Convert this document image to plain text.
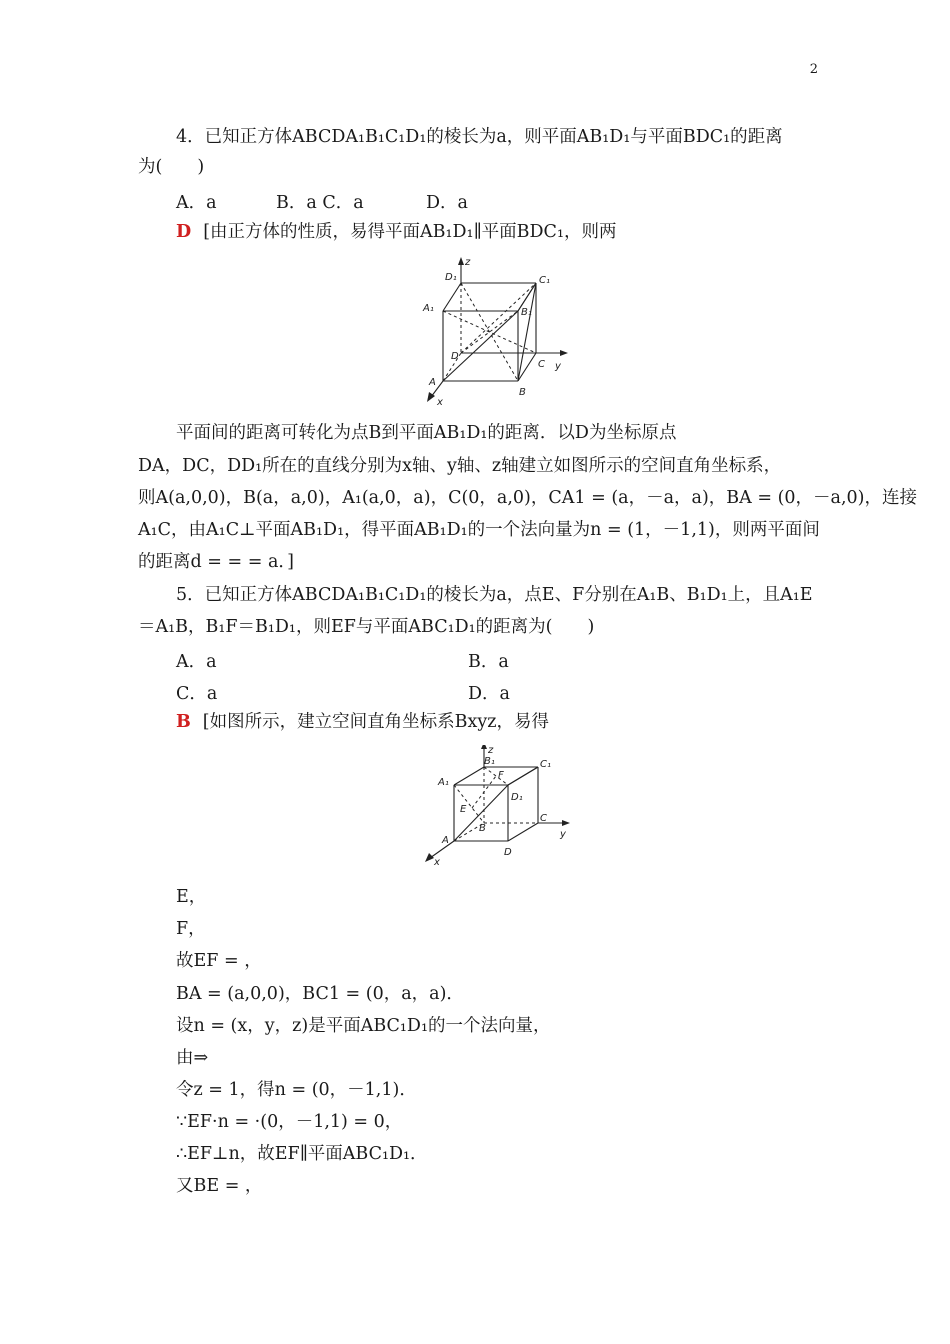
2
4．已知正方体ABCDA₁B₁C₁D₁的棱长为a，则平面AB₁D₁与平面BDC₁的距离
为(　　)
A．a	B．a C．a	D．a
D [由正方体的性质，易得平面AB₁D₁∥平面BDC₁，则两
D₁
z
C₁
A₁	B₁
D
C y
A
B
x
平面间的距离可转化为点B到平面AB₁D₁的距离．以D为坐标原点
DA，DC，DD₁所在的直线分别为x轴、y轴、z轴建立如图所示的空间直角坐标系，
则A(a,0,0)，B(a，a,0)，A₁(a,0，a)，C(0，a,0)，CA1 = (a，－a，a)，BA = (0，－a,0)，连接
A₁C，由A₁C⊥平面AB₁D₁，得平面AB₁D₁的一个法向量为n = (1，－1,1)，则两平面间
的距离d = = = a．]
5．已知正方体ABCDA₁B₁C₁D₁的棱长为a，点E、F分别在A₁B、B₁D₁上，且A₁E
＝A₁B，B₁F＝B₁D₁，则EF与平面ABC₁D₁的距离为(　　)
A．a	B．a
C．a	D．a
B [如图所示，建立空间直角坐标系Bxyz，易得
z
B₁
F
C₁
A₁
D₁
E
B
A
C
y
D
x
E，
F，
故EF = ，
BA = (a,0,0)，BC1 = (0，a，a)．
设n = (x，y，z)是平面ABC₁D₁的一个法向量，
由⇒
令z = 1，得n = (0，－1,1)．
∵EF·n = ·(0，－1,1) = 0，
∴EF⊥n，故EF∥平面ABC₁D₁．
又BE = ，
